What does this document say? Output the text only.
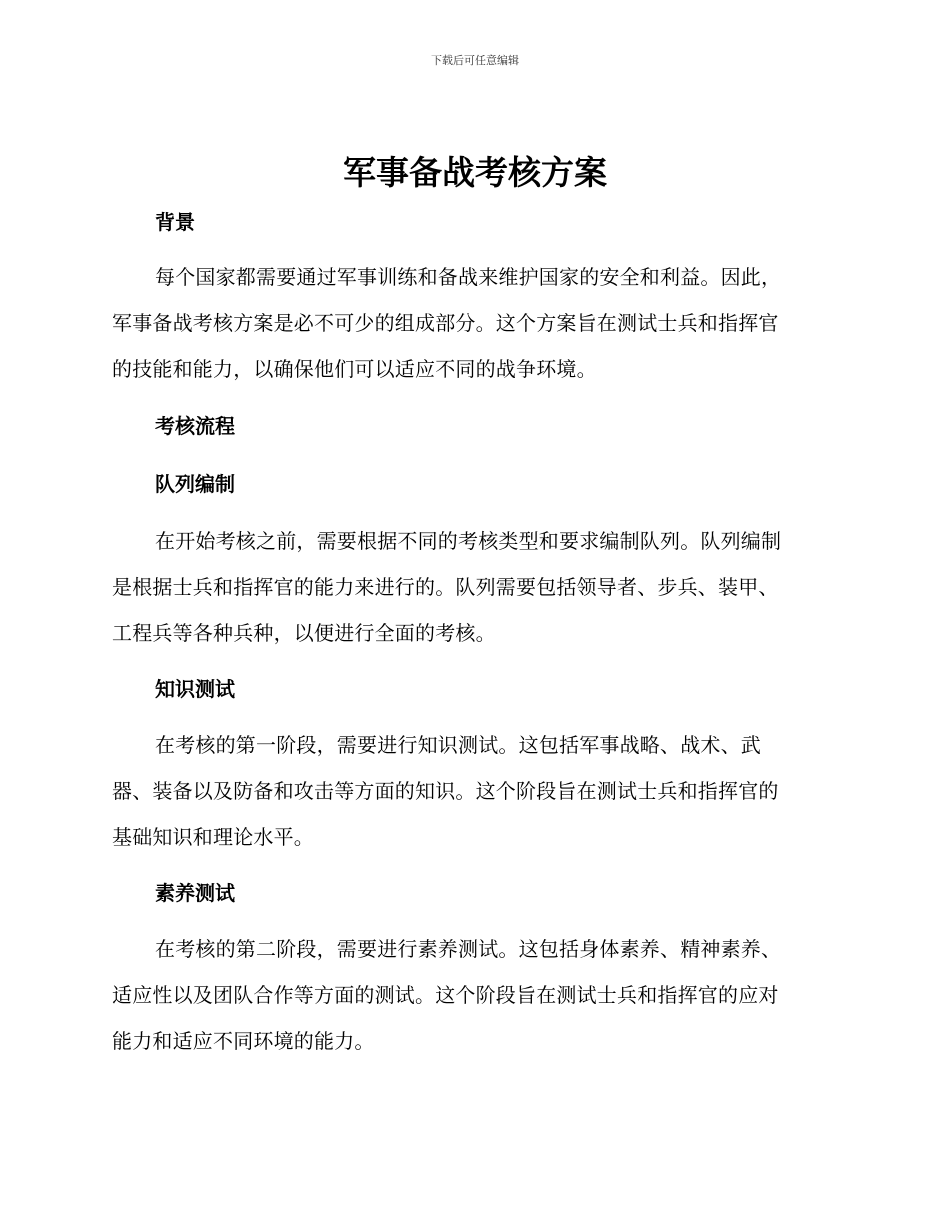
下载后可任意编辑
军事备战考核方案
背景

每个国家都需要通过军事训练和备战来维护国家的安全和利益。因此，
军事备战考核方案是必不可少的组成部分。这个方案旨在测试士兵和指挥官
的技能和能力，以确保他们可以适应不同的战争环境。

考核流程
队列编制

在开始考核之前，需要根据不同的考核类型和要求编制队列。队列编制
是根据士兵和指挥官的能力来进行的。队列需要包括领导者、步兵、装甲、
工程兵等各种兵种，以便进行全面的考核。

知识测试

在考核的第一阶段，需要进行知识测试。这包括军事战略、战术、武
器、装备以及防备和攻击等方面的知识。这个阶段旨在测试士兵和指挥官的
基础知识和理论水平。

素养测试

在考核的第二阶段，需要进行素养测试。这包括身体素养、精神素养、
适应性以及团队合作等方面的测试。这个阶段旨在测试士兵和指挥官的应对
能力和适应不同环境的能力。
